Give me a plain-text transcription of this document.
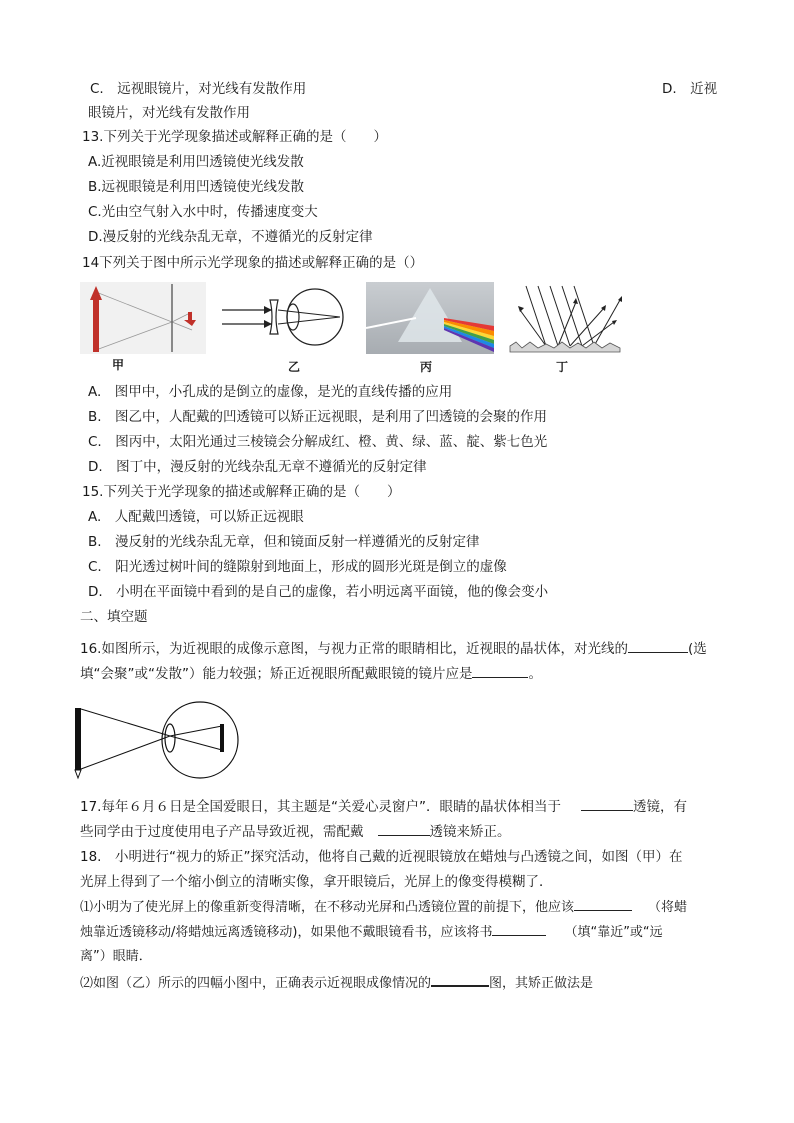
C.　远视眼镜片，对光线有发散作用	D.　近视
眼镜片，对光线有发散作用
13.下列关于光学现象描述或解释正确的是（　　）
A.近视眼镜是利用凹透镜使光线发散
B.远视眼镜是利用凹透镜使光线发散
C.光由空气射入水中时，传播速度变大
D.漫反射的光线杂乱无章，不遵循光的反射定律
14下列关于图中所示光学现象的描述或解释正确的是（）
甲	乙	丙	丁
A.　图甲中，小孔成的是倒立的虚像，是光的直线传播的应用
B.　图乙中，人配戴的凹透镜可以矫正远视眼，是利用了凹透镜的会聚的作用
C.　图丙中，太阳光通过三棱镜会分解成红、橙、黄、绿、蓝、靛、紫七色光
D.　图丁中，漫反射的光线杂乱无章不遵循光的反射定律
15.下列关于光学现象的描述或解释正确的是（　　）
A.　人配戴凹透镜，可以矫正远视眼
B.　漫反射的光线杂乱无章，但和镜面反射一样遵循光的反射定律
C.　阳光透过树叶间的缝隙射到地面上，形成的圆形光斑是倒立的虚像
D.　小明在平面镜中看到的是自己的虚像，若小明远离平面镜，他的像会变小
二、填空题
16.如图所示，为近视眼的成像示意图，与视力正常的眼睛相比，近视眼的晶状体，对光线的	(选
填“会聚”或“发散”）能力较强；矫正近视眼所配戴眼镜的镜片应是	。
17.每年６月６日是全国爱眼日，其主题是“关爱心灵窗户”．眼睛的晶状体相当于	透镜，有
些同学由于过度使用电子产品导致近视，需配戴	透镜来矫正。
18.　小明进行“视力的矫正”探究活动，他将自己戴的近视眼镜放在蜡烛与凸透镜之间，如图（甲）在
光屏上得到了一个缩小倒立的清晰实像，拿开眼镜后，光屏上的像变得模糊了．
⑴小明为了使光屏上的像重新变得清晰，在不移动光屏和凸透镜位置的前提下，他应该	（将蜡
烛靠近透镜移动/将蜡烛远离透镜移动)，如果他不戴眼镜看书，应该将书	（填“靠近”或“远
离”）眼睛．
⑵如图（乙）所示的四幅小图中，正确表示近视眼成像情况的	图，其矫正做法是
